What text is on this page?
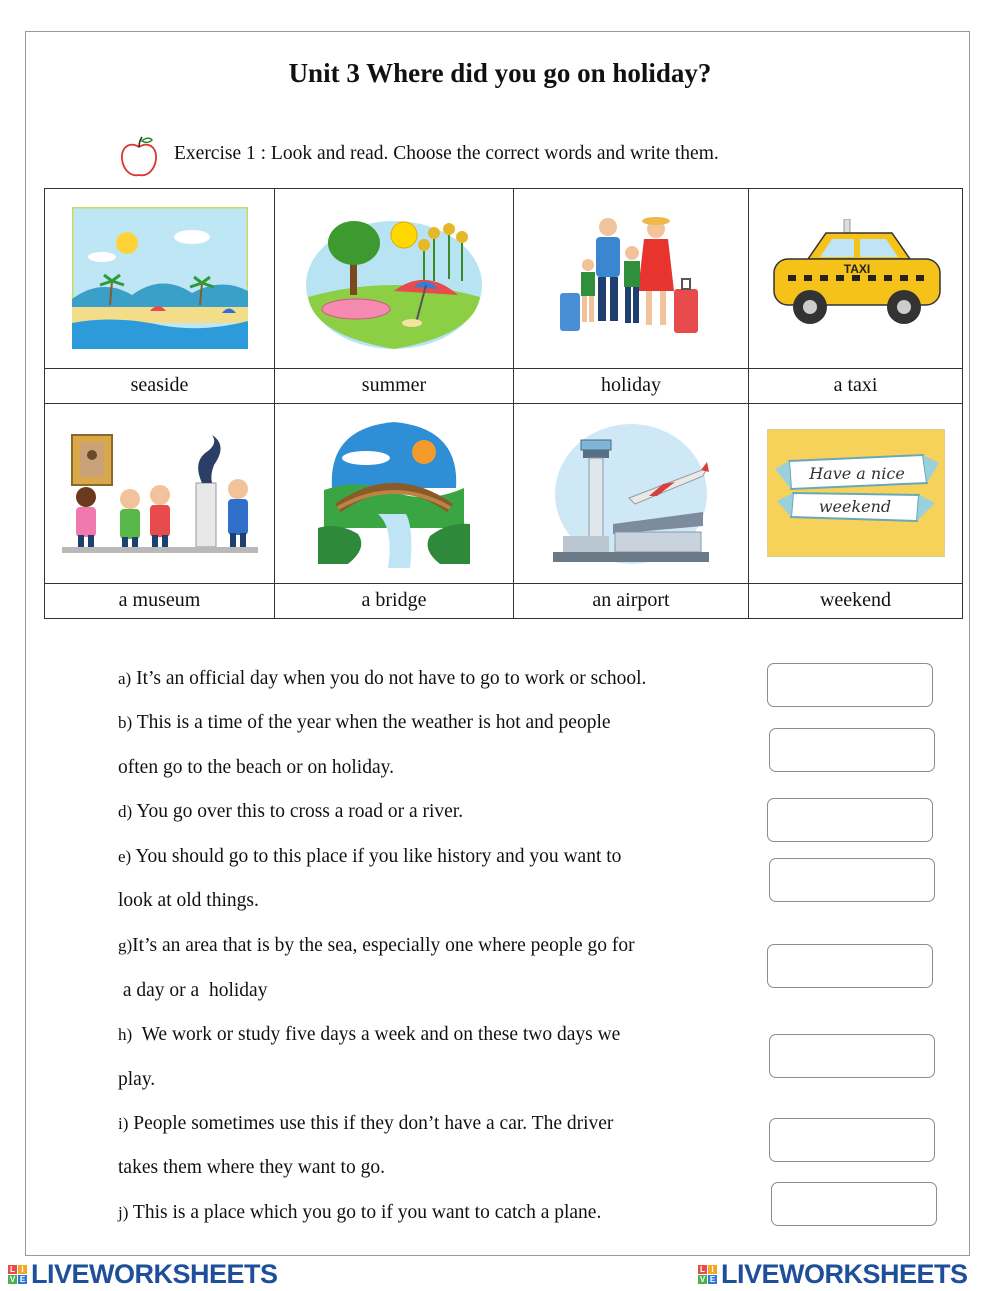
Unit 3 Where did you go on holiday?
Exercise 1 : Look and read. Choose the correct words and write them.

TAXI

seaside	summer	holiday	a taxi

Have a nice
weekend

a museum	a bridge	an airport	weekend
a) It’s an official day when you do not have to go to work or school.
b) This is a time of the year when the weather is hot and people
often go to the beach or on holiday.
d) You go over this to cross a road or a river.
e) You should go to this place if you like history and you want to
look at old things.
g)It’s an area that is by the sea, especially one where people go for
a day or a  holiday
h) We work or study five days a week and on these two days we
play.
i) People sometimes use this if they don’t have a car. The driver
takes them where they want to go.
j) This is a place which you go to if you want to catch a plane.
L I
V E LIVEWORKSHEETS	L I
V E LIVEWORKSHEETS
